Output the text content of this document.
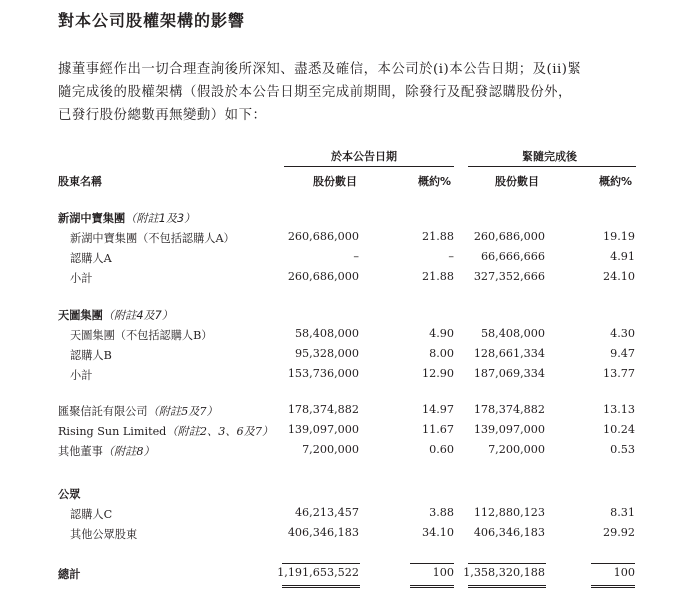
對本公司股權架構的影響
據董事經作出一切合理查詢後所深知、盡悉及確信，本公司於(i)本公告日期；及(ii)緊
隨完成後的股權架構（假設於本公告日期至完成前期間，除發行及配發認購股份外，
已發行股份總數再無變動）如下：
於本公告日期	緊隨完成後
股東名稱	股份數目	概約%	股份數目	概約%
新湖中寶集團（附註1及3）
新湖中寶集團（不包括認購人A）	260,686,000	21.88 260,686,000	19.19
認購人A	–	– 66,666,666	4.91
小計	260,686,000	21.88 327,352,666	24.10
天圖集團（附註4及7）
天圖集團（不包括認購人B）	58,408,000	4.90 58,408,000	4.30
認購人B	95,328,000	8.00 128,661,334	9.47
小計	153,736,000	12.90 187,069,334	13.77
匯聚信託有限公司（附註5及7）	178,374,882	14.97 178,374,882	13.13
Rising Sun Limited（附註2、3、6及7） 139,097,000	11.67 139,097,000	10.24
其他董事（附註8）	7,200,000	0.60	7,200,000	0.53
公眾
認購人C	46,213,457	3.88 112,880,123	8.31
其他公眾股東	406,346,183	34.10 406,346,183	29.92
總計	1,191,653,522	100 1,358,320,188	100
